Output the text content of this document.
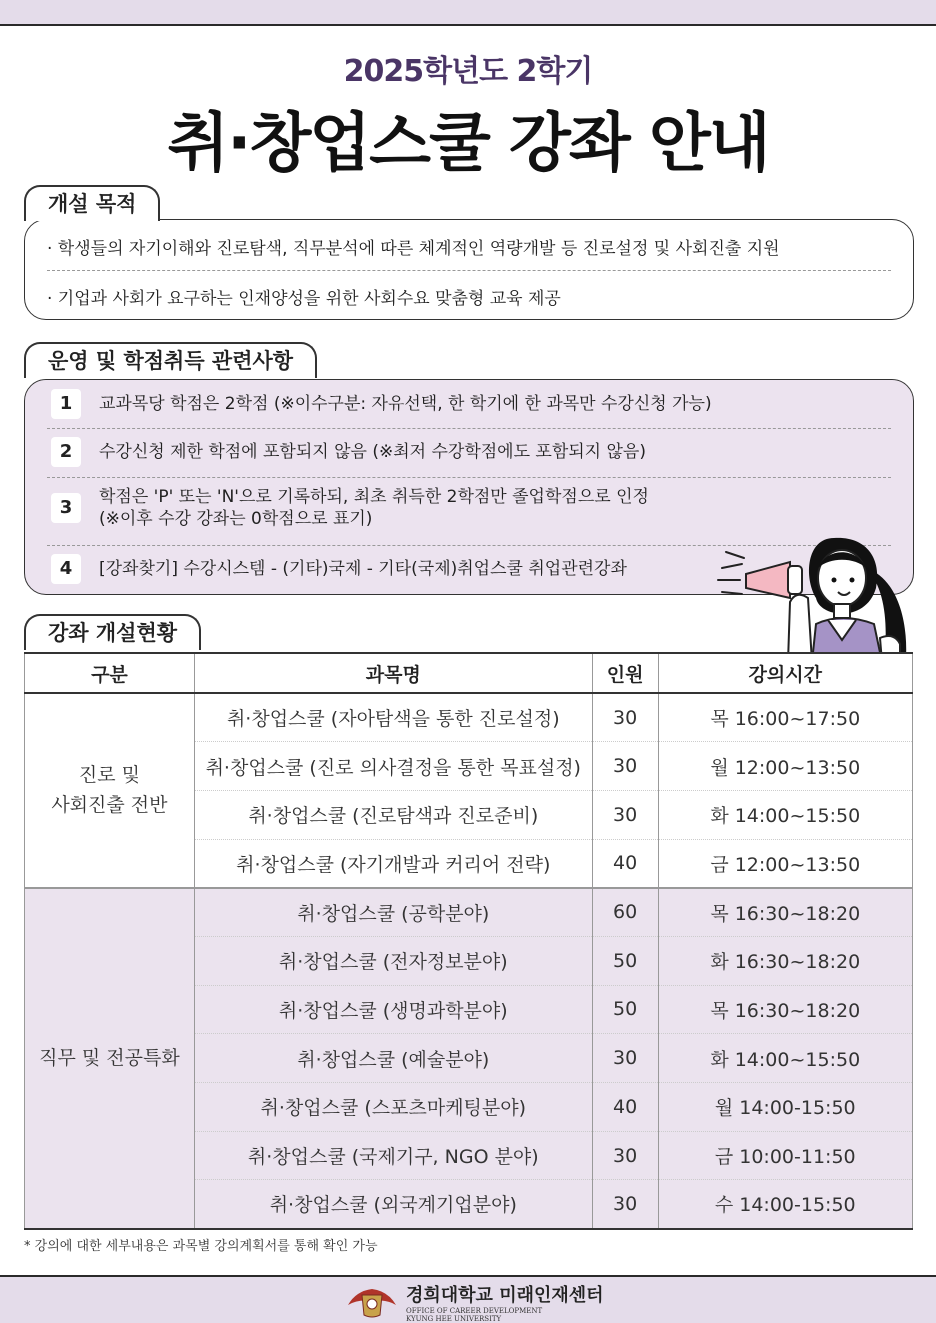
2025학년도 2학기
취·창업스쿨 강좌 안내
개설 목적
· 학생들의 자기이해와 진로탐색, 직무분석에 따른 체계적인 역량개발 등 진로설정 및 사회진출 지원
· 기업과 사회가 요구하는 인재양성을 위한 사회수요 맞춤형 교육 제공
운영 및 학점취득 관련사항
1	교과목당 학점은 2학점 (※이수구분: 자유선택, 한 학기에 한 과목만 수강신청 가능)
2	수강신청 제한 학점에 포함되지 않음 (※최저 수강학점에도 포함되지 않음)
3	학점은 'P' 또는 'N'으로 기록하되, 최초 취득한 2학점만 졸업학점으로 인정
(※이후 수강 강좌는 0학점으로 표기)
4	[강좌찾기] 수강시스템 - (기타)국제 - 기타(국제)취업스쿨 취업관련강좌
강좌 개설현황
구분	과목명	인원	강의시간

진로 및
사회진출 전반	취·창업스쿨 (자아탐색을 통한 진로설정)	30	목 16:00~17:50
	취·창업스쿨 (진로 의사결정을 통한 목표설정)	30	월 12:00~13:50
	취·창업스쿨 (진로탐색과 진로준비)	30	화 14:00~15:50
	취·창업스쿨 (자기개발과 커리어 전략)	40	금 12:00~13:50
직무 및 전공특화	취·창업스쿨 (공학분야)	60	목 16:30~18:20
	취·창업스쿨 (전자정보분야)	50	화 16:30~18:20
	취·창업스쿨 (생명과학분야)	50	목 16:30~18:20
	취·창업스쿨 (예술분야)	30	화 14:00~15:50
	취·창업스쿨 (스포츠마케팅분야)	40	월 14:00-15:50
	취·창업스쿨 (국제기구, NGO 분야)	30	금 10:00-11:50
	취·창업스쿨 (외국계기업분야)	30	수 14:00-15:50
* 강의에 대한 세부내용은 과목별 강의계획서를 통해 확인 가능
경희대학교 미래인재센터
OFFICE OF CAREER DEVELOPMENT
KYUNG HEE UNIVERSITY
